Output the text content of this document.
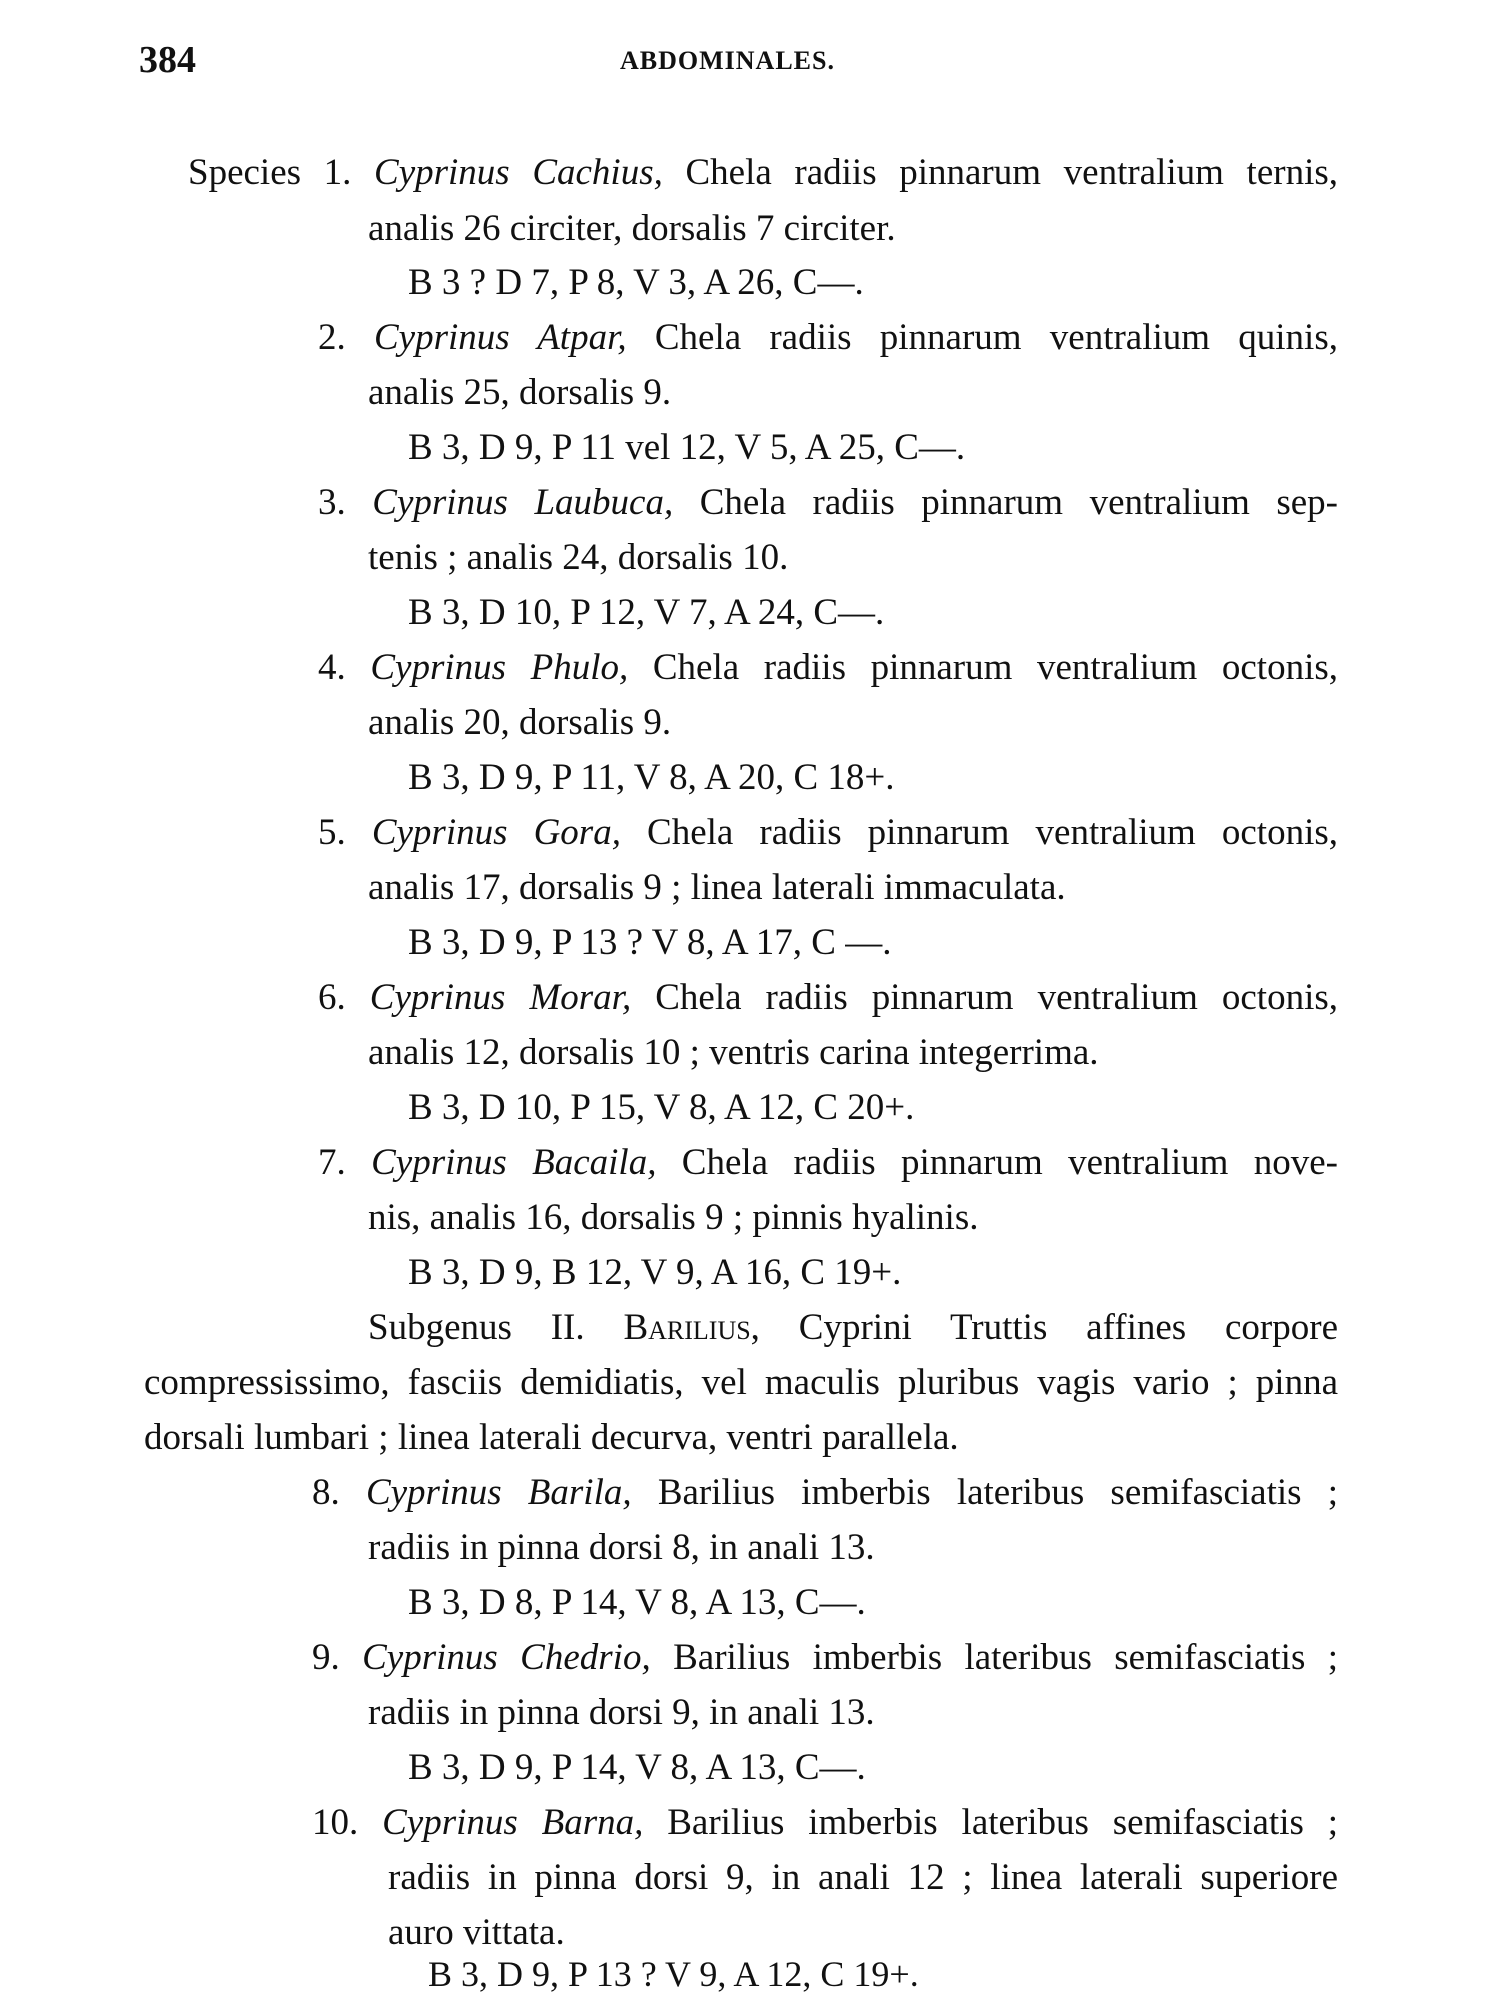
384	ABDOMINALES.
Species 1. Cyprinus Cachius, Chela radiis pinnarum ventralium ternis,
analis 26 circiter, dorsalis 7 circiter.
B 3 ? D 7, P 8, V 3, A 26, C—.
2. Cyprinus Atpar, Chela radiis pinnarum ventralium quinis,
analis 25, dorsalis 9.
B 3, D 9, P 11 vel 12, V 5, A 25, C—.
3. Cyprinus Laubuca, Chela radiis pinnarum ventralium sep-
tenis ; analis 24, dorsalis 10.
B 3, D 10, P 12, V 7, A 24, C—.
4. Cyprinus Phulo, Chela radiis pinnarum ventralium octonis,
analis 20, dorsalis 9.
B 3, D 9, P 11, V 8, A 20, C 18+.
5. Cyprinus Gora, Chela radiis pinnarum ventralium octonis,
analis 17, dorsalis 9 ; linea laterali immaculata.
B 3, D 9, P 13 ? V 8, A 17, C —.
6. Cyprinus Morar, Chela radiis pinnarum ventralium octonis,
analis 12, dorsalis 10 ; ventris carina integerrima.
B 3, D 10, P 15, V 8, A 12, C 20+.
7. Cyprinus Bacaila, Chela radiis pinnarum ventralium nove-
nis, analis 16, dorsalis 9 ; pinnis hyalinis.
B 3, D 9, B 12, V 9, A 16, C 19+.
Subgenus II. Barilius, Cyprini Truttis affines corpore
compressissimo, fasciis demidiatis, vel maculis pluribus vagis vario ; pinna
dorsali lumbari ; linea laterali decurva, ventri parallela.
8. Cyprinus Barila, Barilius imberbis lateribus semifasciatis ;
radiis in pinna dorsi 8, in anali 13.
B 3, D 8, P 14, V 8, A 13, C—.
9. Cyprinus Chedrio, Barilius imberbis lateribus semifasciatis ;
radiis in pinna dorsi 9, in anali 13.
B 3, D 9, P 14, V 8, A 13, C—.
10. Cyprinus Barna, Barilius imberbis lateribus semifasciatis ;
radiis in pinna dorsi 9, in anali 12 ; linea laterali superiore
auro vittata.
B 3, D 9, P 13 ? V 9, A 12, C 19+.
